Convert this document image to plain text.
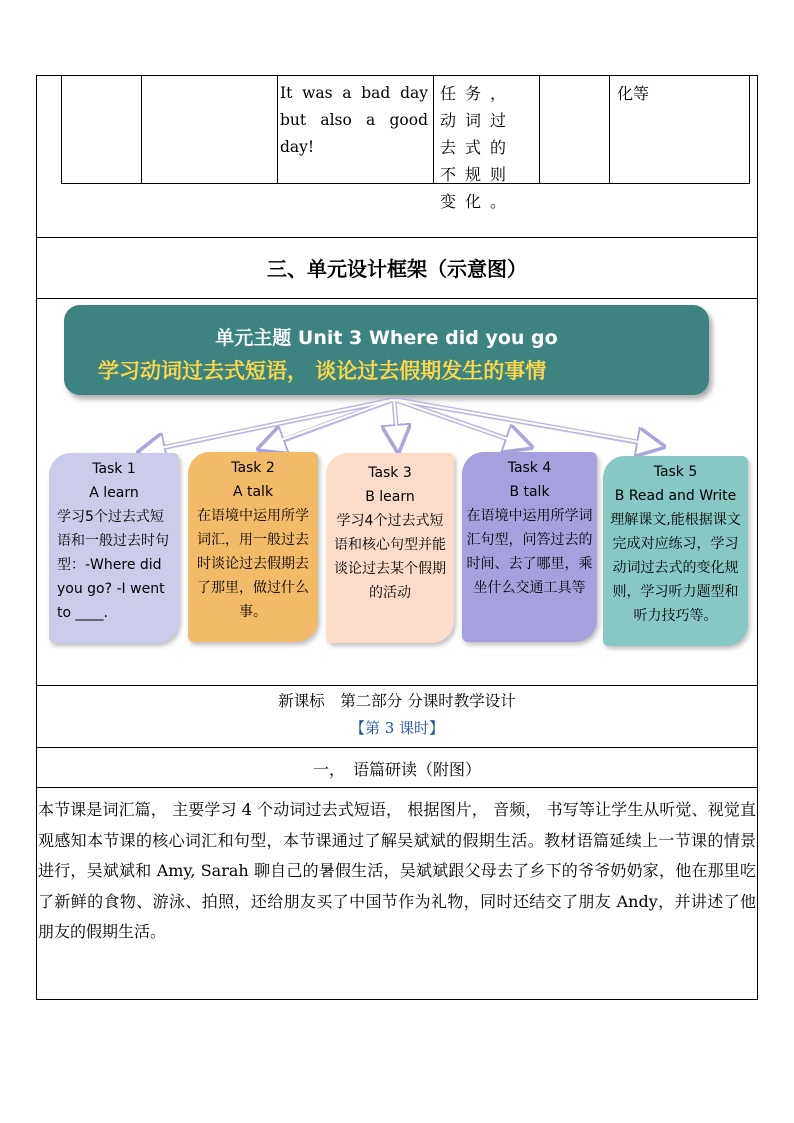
It was a bad day but also a good day!
任务，动词过去式的不规则变化。
化等
三、单元设计框架（示意图）
单元主题 Unit 3 Where did you go
学习动词过去式短语， 谈论过去假期发生的事情
Task 1
A learn
学习5个过去式短语和一般过去时句型：-Where did you go? -I went to ____.
Task 2
A talk
在语境中运用所学词汇，用一般过去时谈论过去假期去了那里，做过什么事。
Task 3
B learn
学习4个过去式短语和核心句型并能谈论过去某个假期的活动
Task 4
B talk
在语境中运用所学词汇句型，问答过去的时间、去了哪里，乘坐什么交通工具等
Task 5
B Read and Write
理解课文,能根据课文完成对应练习，学习动词过去式的变化规则，学习听力题型和听力技巧等。
新课标　第二部分 分课时教学设计
【第 3 课时】
一，　语篇研读（附图）

本节课是词汇篇， 主要学习 4 个动词过去式短语， 根据图片， 音频， 书写等让学生从听觉、视觉直观感知本节课的核心词汇和句型，本节课通过了解吴斌斌的假期生活。教材语篇延续上一节课的情景进行，吴斌斌和 Amy, Sarah 聊自己的暑假生活，吴斌斌跟父母去了乡下的爷爷奶奶家，他在那里吃了新鲜的食物、游泳、拍照，还给朋友买了中国节作为礼物，同时还结交了朋友 Andy，并讲述了他朋友的假期生活。
